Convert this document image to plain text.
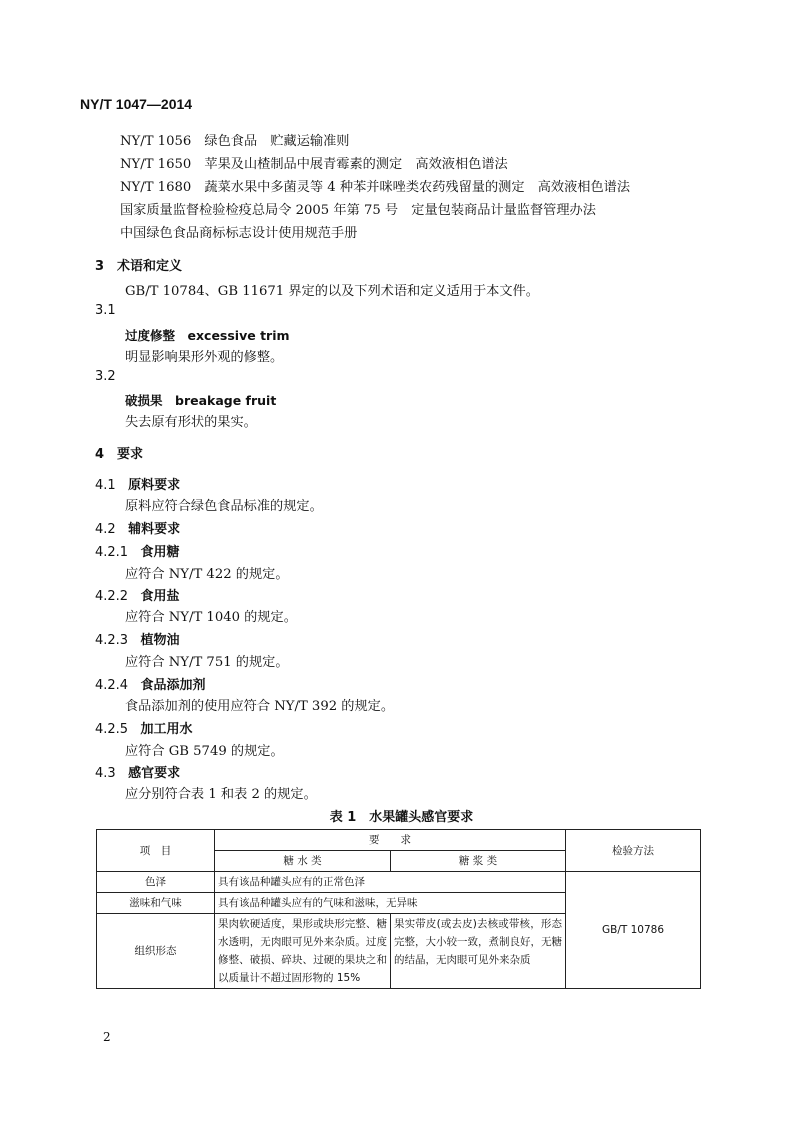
NY/T 1047—2014
NY/T 1056　绿色食品　贮藏运输准则
NY/T 1650　苹果及山楂制品中展青霉素的测定　高效液相色谱法
NY/T 1680　蔬菜水果中多菌灵等 4 种苯并咪唑类农药残留量的测定　高效液相色谱法
国家质量监督检验检疫总局令 2005 年第 75 号　定量包装商品计量监督管理办法
中国绿色食品商标标志设计使用规范手册
3　术语和定义
GB/T 10784、GB 11671 界定的以及下列术语和定义适用于本文件。
3.1
过度修整　excessive trim
明显影响果形外观的修整。
3.2
破损果　breakage fruit
失去原有形状的果实。
4　要求
4.1 原料要求
原料应符合绿色食品标准的规定。
4.2 辅料要求
4.2.1 食用糖
应符合 NY/T 422 的规定。
4.2.2 食用盐
应符合 NY/T 1040 的规定。
4.2.3 植物油
应符合 NY/T 751 的规定。
4.2.4 食品添加剂
食品添加剂的使用应符合 NY/T 392 的规定。
4.2.5 加工用水
应符合 GB 5749 的规定。
4.3 感官要求
应分别符合表 1 和表 2 的规定。
表 1　水果罐头感官要求
项　目	要　　求		检验方法
	糖 水 类	糖 浆 类	
色泽	具有该品种罐头应有的正常色泽		GB/T 10786
滋味和气味	具有该品种罐头应有的气味和滋味，无异味		
组织形态	果肉软硬适度，果形或块形完整、糖水透明，无肉眼可见外来杂质。过度修整、破损、碎块、过硬的果块之和以质量计不超过固形物的 15%	果实带皮(或去皮)去核或带核，形态完整，大小较一致，煮制良好，无糖的结晶，无肉眼可见外来杂质	
2
